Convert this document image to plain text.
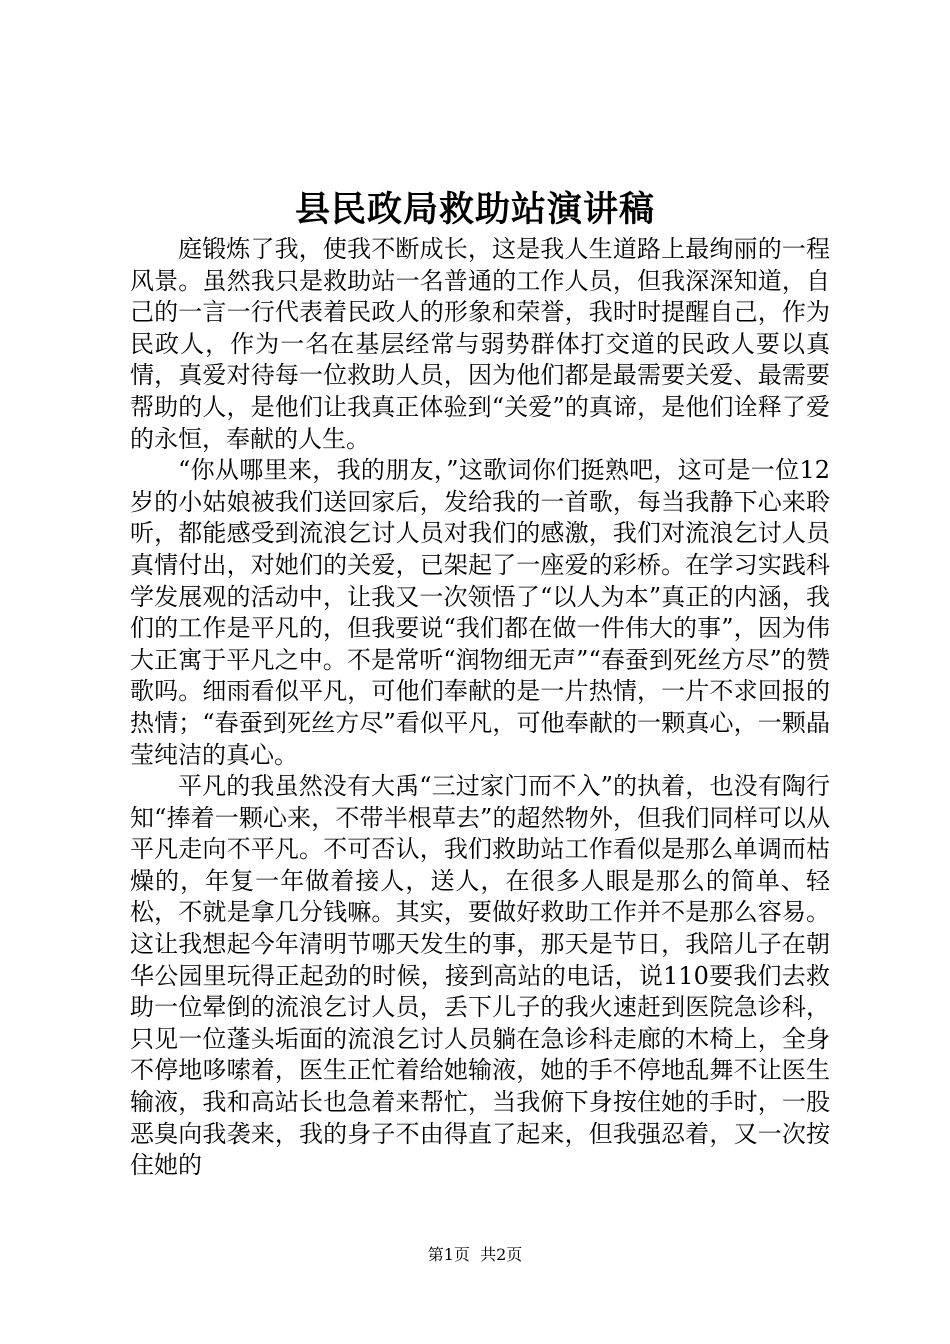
县民政局救助站演讲稿

庭锻炼了我，使我不断成长，这是我人生道路上最绚丽的一程风景。虽然我只是救助站一名普通的工作人员，但我深深知道，自己的一言一行代表着民政人的形象和荣誉，我时时提醒自己，作为民政人，作为一名在基层经常与弱势群体打交道的民政人要以真情，真爱对待每一位救助人员，因为他们都是最需要关爱、最需要帮助的人，是他们让我真正体验到“关爱”的真谛，是他们诠释了爱的永恒，奉献的人生。

“你从哪里来，我的朋友，”这歌词你们挺熟吧，这可是一位12岁的小姑娘被我们送回家后，发给我的一首歌，每当我静下心来聆听，都能感受到流浪乞讨人员对我们的感激，我们对流浪乞讨人员真情付出，对她们的关爱，已架起了一座爱的彩桥。在学习实践科学发展观的活动中，让我又一次领悟了“以人为本”真正的内涵，我们的工作是平凡的，但我要说“我们都在做一件伟大的事”，因为伟大正寓于平凡之中。不是常听“润物细无声”“春蚕到死丝方尽”的赞歌吗。细雨看似平凡，可他们奉献的是一片热情，一片不求回报的热情；“春蚕到死丝方尽”看似平凡，可他奉献的一颗真心，一颗晶莹纯洁的真心。

平凡的我虽然没有大禹“三过家门而不入”的执着，也没有陶行知“捧着一颗心来，不带半根草去”的超然物外，但我们同样可以从平凡走向不平凡。不可否认，我们救助站工作看似是那么单调而枯燥的，年复一年做着接人，送人，在很多人眼是那么的简单、轻松，不就是拿几分钱嘛。其实，要做好救助工作并不是那么容易。这让我想起今年清明节哪天发生的事，那天是节日，我陪儿子在朝华公园里玩得正起劲的时候，接到高站的电话，说110要我们去救助一位晕倒的流浪乞讨人员，丢下儿子的我火速赶到医院急诊科，只见一位蓬头垢面的流浪乞讨人员躺在急诊科走廊的木椅上，全身不停地哆嗦着，医生正忙着给她输液，她的手不停地乱舞不让医生输液，我和高站长也急着来帮忙，当我俯下身按住她的手时，一股恶臭向我袭来，我的身子不由得直了起来，但我强忍着，又一次按住她的

第1页 共2页
